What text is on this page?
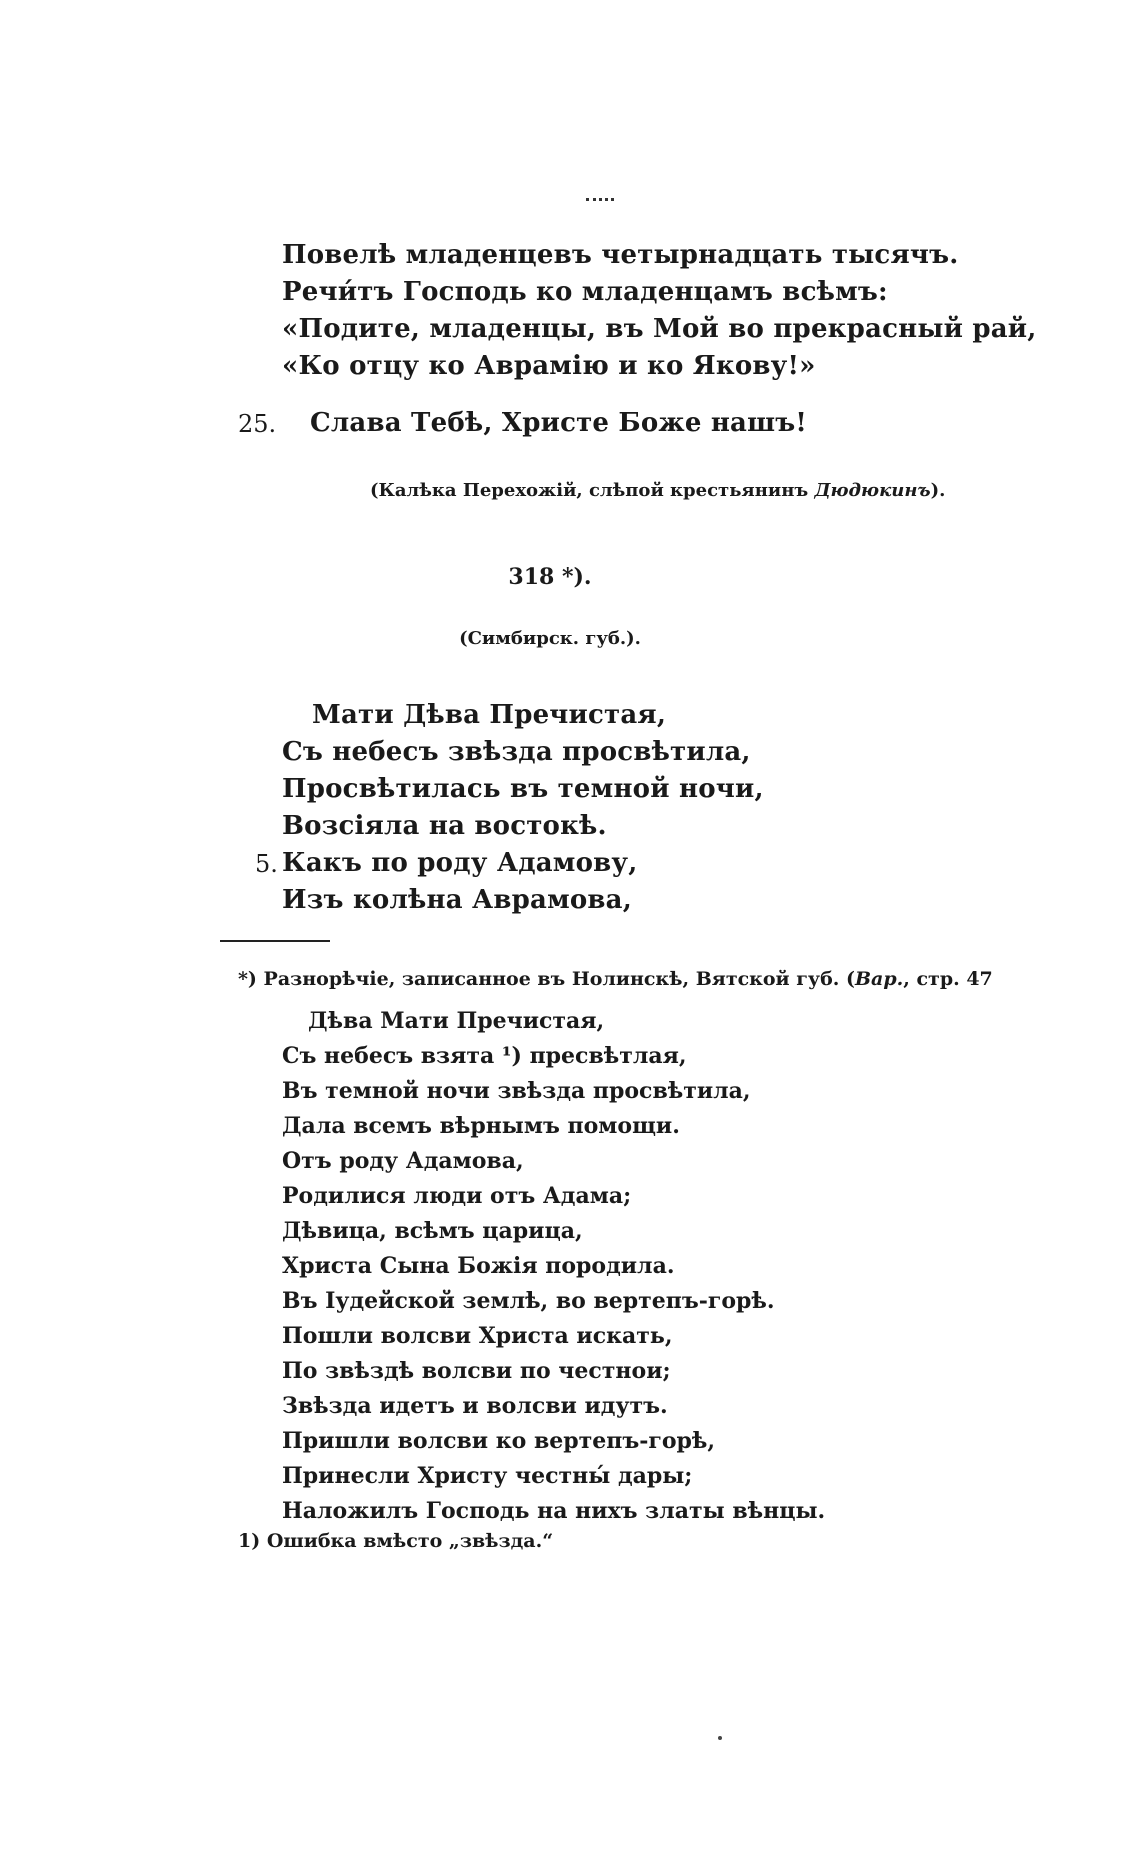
Повелѣ младенцевъ четырнадцать тысячъ.
Речи́тъ Господь ко младенцамъ всѣмъ:
«Подите, младенцы, въ Мой во прекрасный рай,
«Ко отцу ко Аврамію и ко Якову!»
25. Слава Тебѣ, Христе Боже нашъ!
(Калѣка Перехожій, слѣпой крестьянинъ Дюдюкинъ).
318 *).
(Симбирск. губ.).
Мати Дѣва Пречистая,
Съ небесъ звѣзда просвѣтила,
Просвѣтилась въ темной ночи,
Возсіяла на востокѣ.
5. Какъ по роду Адамову,
Изъ колѣна Аврамова,
*) Разнорѣчіе, записанное въ Нолинскѣ, Вятской губ. (Вар., стр. 47
Дѣва Мати Пречистая,
Съ небесъ взята ¹) пресвѣтлая,
Въ темной ночи звѣзда просвѣтила,
Дала всемъ вѣрнымъ помощи.
Отъ роду Адамова,
Родилися люди отъ Адама;
Дѣвица, всѣмъ царица,
Христа Сына Божія породила.
Въ Іудейской землѣ, во вертепъ-горѣ.
Пошли волсви Христа искать,
По звѣздѣ волсви по честнои;
Звѣзда идетъ и волсви идутъ.
Пришли волсви ко вертепъ-горѣ,
Принесли Христу честны́ дары;
Наложилъ Господь на нихъ златы вѣнцы.
1) Ошибка вмѣсто „звѣзда.“
